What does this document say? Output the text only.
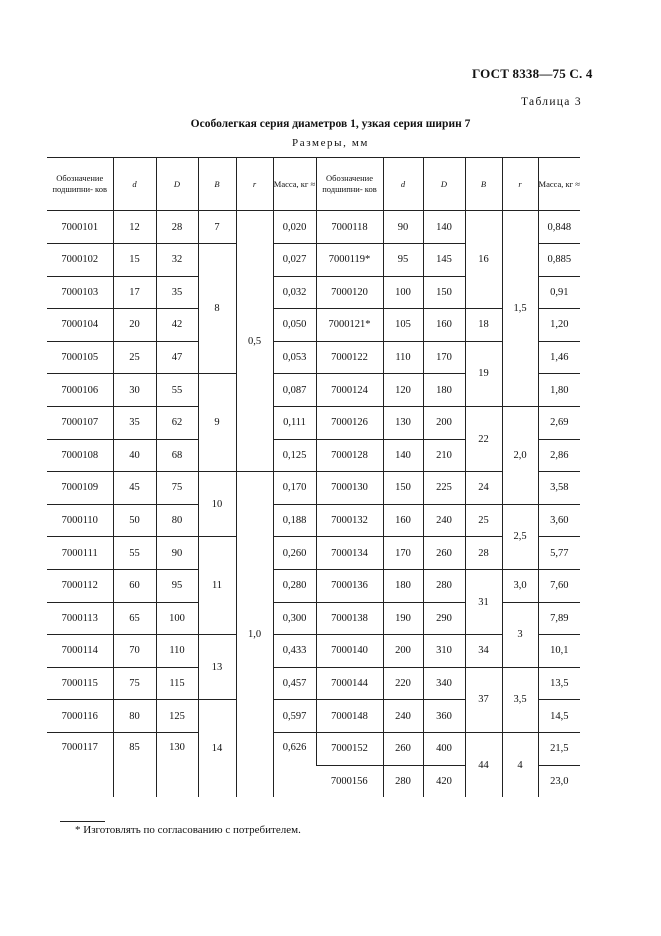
ГОСТ 8338—75 С. 4
Таблица 3
Особолегкая серия диаметров 1, узкая серия ширин 7
Размеры, мм
Обозначение подшипни- ков	d	D	B	r	Масса, кг ≈	Обозначение подшипни- ков	d	D	B	r	Масса, кг ≈
7000101	12	28	7	0,5	0,020	7000118	90	140	16	1,5	0,848
7000102	15	32	8		0,027	7000119*	95	145			0,885
7000103	17	35			0,032	7000120	100	150			0,91
7000104	20	42			0,050	7000121*	105	160	18		1,20
7000105	25	47			0,053	7000122	110	170	19		1,46
7000106	30	55	9		0,087	7000124	120	180			1,80
7000107	35	62			0,111	7000126	130	200	22	2,0	2,69
7000108	40	68			0,125	7000128	140	210			2,86
7000109	45	75	10	1,0	0,170	7000130	150	225	24		3,58
7000110	50	80			0,188	7000132	160	240	25	2,5	3,60
7000111	55	90	11		0,260	7000134	170	260	28		5,77
7000112	60	95			0,280	7000136	180	280	31	3,0	7,60
7000113	65	100			0,300	7000138	190	290		3	7,89
7000114	70	110	13		0,433	7000140	200	310	34		10,1
7000115	75	115			0,457	7000144	220	340	37	3,5	13,5
7000116	80	125	14		0,597	7000148	240	360			14,5
7000117	85	130			0,626	7000152	260	400	44	4	21,5
						7000156	280	420			23,0
* Изготовлять по согласованию с потребителем.
